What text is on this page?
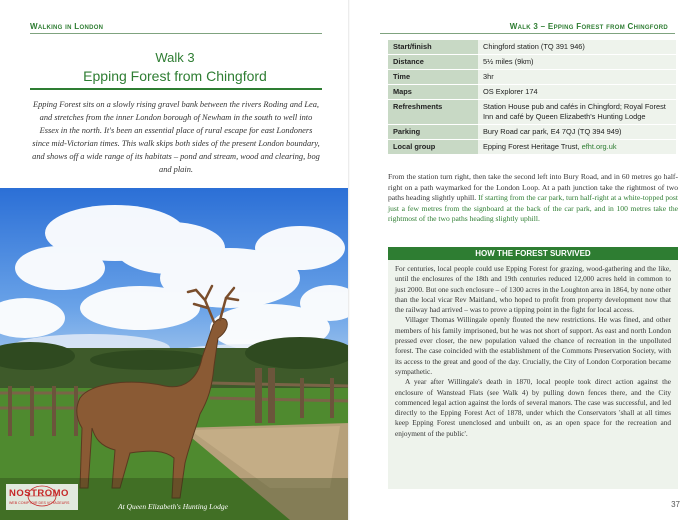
Walking in London
Walk 3
Epping Forest from Chingford
Epping Forest sits on a slowly rising gravel bank between the rivers Roding and Lea, and stretches from the inner London borough of Newham in the south to well into Essex in the north. It's been an essential place of rural escape for east Londoners since mid-Victorian times. This walk skips both sides of the present London boundary, and shows off a wide range of its habitats – pond and stream, wood and clearing, bog and plain.
At Queen Elizabeth's Hunting Lodge
NOSTROMO
WEB COMPTOIR DES VOYAGEURS
Walk 3 – Epping Forest from Chingford
Start/finish	Chingford station (TQ 391 946)
Distance	5½ miles (9km)
Time	3hr
Maps	OS Explorer 174
Refreshments	Station House pub and cafés in Chingford; Royal Forest Inn and café by Queen Elizabeth's Hunting Lodge
Parking	Bury Road car park, E4 7QJ (TQ 394 949)
Local group	Epping Forest Heritage Trust, efht.org.uk
From the station turn right, then take the second left into Bury Road, and in 60 metres go half-right on a path waymarked for the London Loop. At a path junction take the rightmost of two paths heading slightly uphill. If starting from the car park, turn half-right at a white-topped post just a few metres from the signboard at the back of the car park, and in 100 metres take the rightmost of the two paths heading slightly uphill.
HOW THE FOREST SURVIVED

For centuries, local people could use Epping Forest for grazing, wood-gathering and the like, until the enclosures of the 18th and 19th centuries reduced 12,000 acres held in common to just 2000. But one such enclosure – of 1300 acres in the Loughton area in 1864, by none other than the local vicar Rev Maitland, who hoped to profit from property development now that the railway had arrived – was to prove a tipping point in the fight for local access.

Villager Thomas Willingale openly flouted the new restrictions. He was fined, and other members of his family imprisoned, but he was not short of support. As east and north London pressed ever closer, the new population valued the chance of recreation in the unpolluted forest. The case coincided with the establishment of the Commons Preservation Society, with its access to the great and good of the day. Crucially, the City of London Corporation became sympathetic.

A year after Willingale's death in 1870, local people took direct action against the enclosure of Wanstead Flats (see Walk 4) by pulling down fences there, and the City commenced legal action against the lords of several manors. The case was successful, and led directly to the Epping Forest Act of 1878, under which the Conservators 'shall at all times keep Epping Forest unenclosed and unbuilt on, as an open space for the recreation and enjoyment of the public'.

37
